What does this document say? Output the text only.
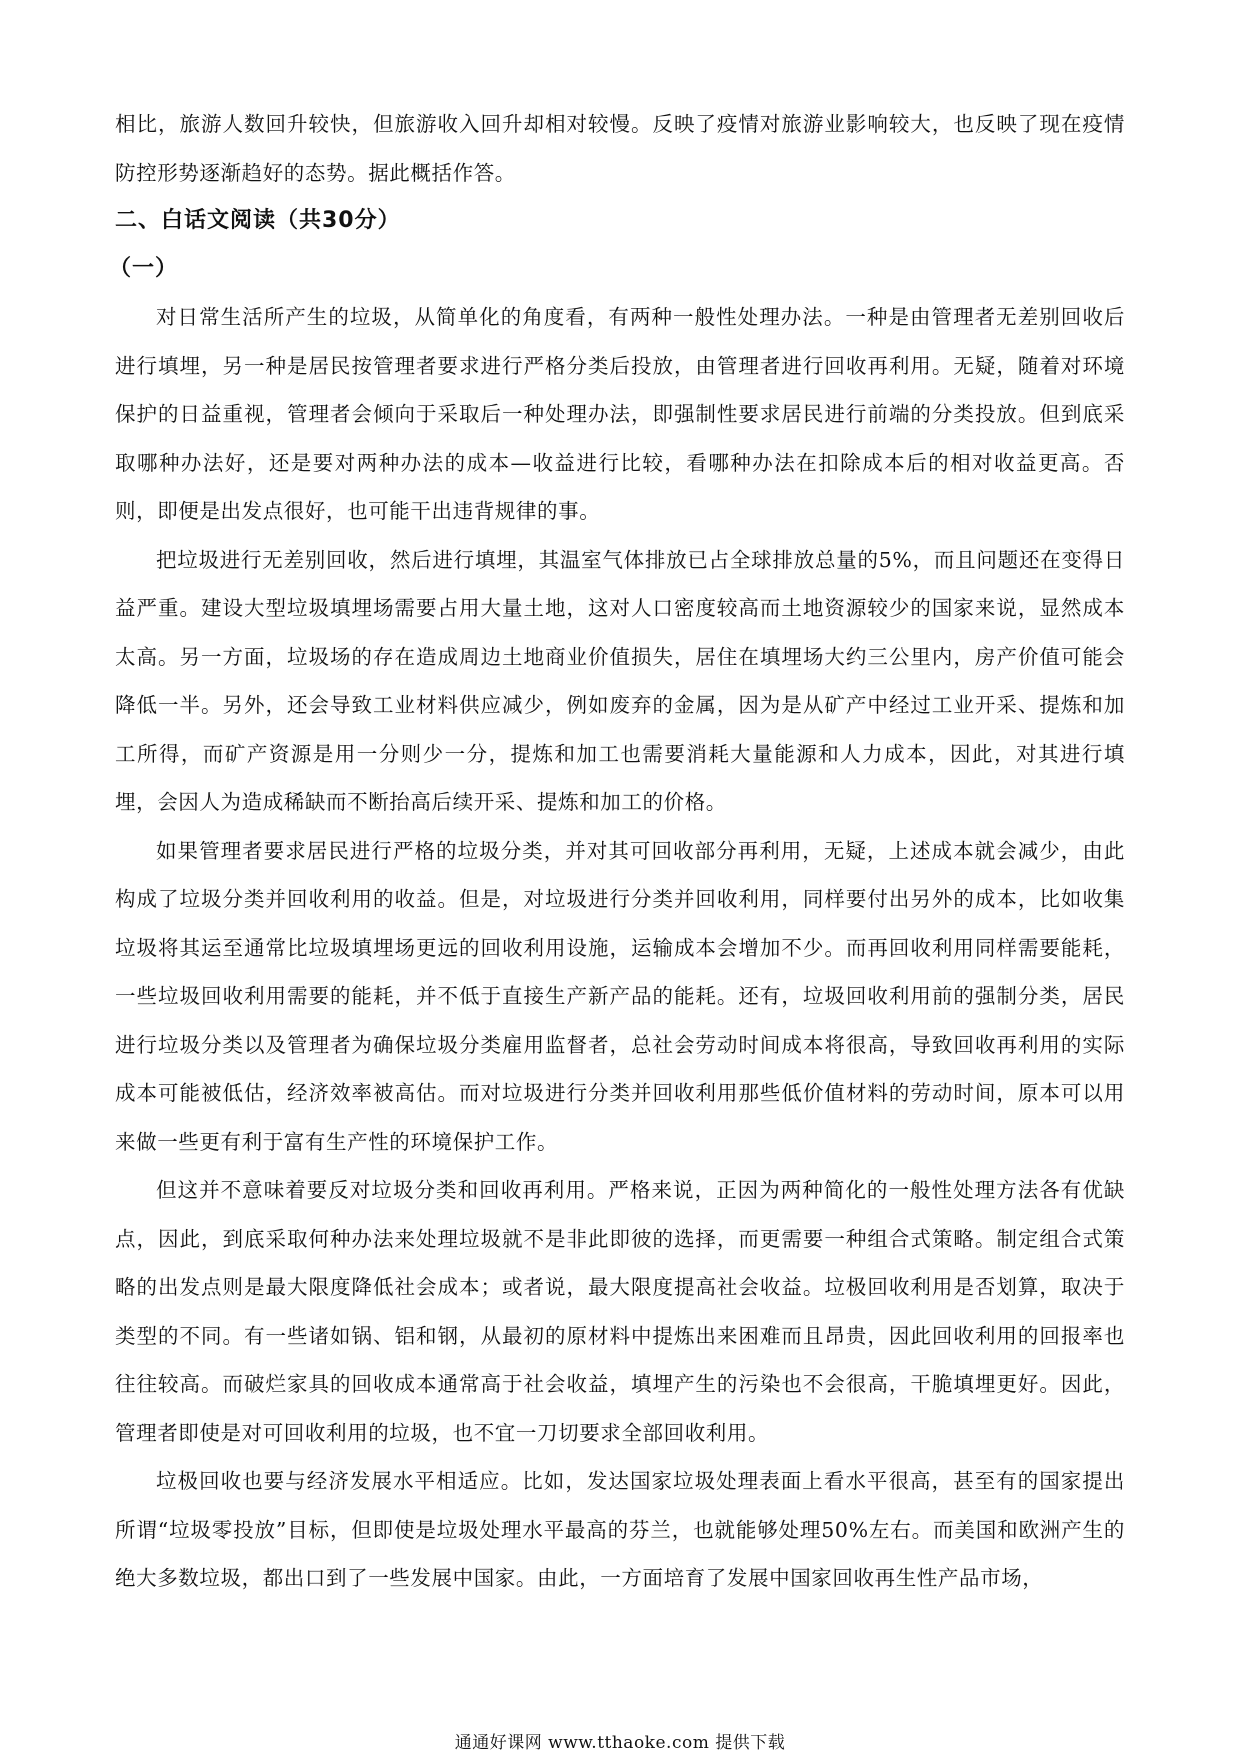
相比，旅游人数回升较快，但旅游收入回升却相对较慢。反映了疫情对旅游业影响较大，也反映了现在疫情防控形势逐渐趋好的态势。据此概括作答。

二、白话文阅读（共30分）
（一）

对日常生活所产生的垃圾，从简单化的角度看，有两种一般性处理办法。一种是由管理者无差别回收后进行填埋，另一种是居民按管理者要求进行严格分类后投放，由管理者进行回收再利用。无疑，随着对环境保护的日益重视，管理者会倾向于采取后一种处理办法，即强制性要求居民进行前端的分类投放。但到底采取哪种办法好，还是要对两种办法的成本—收益进行比较，看哪种办法在扣除成本后的相对收益更高。否则，即便是出发点很好，也可能干出违背规律的事。

把垃圾进行无差别回收，然后进行填埋，其温室气体排放已占全球排放总量的5%，而且问题还在变得日益严重。建设大型垃圾填埋场需要占用大量土地，这对人口密度较高而土地资源较少的国家来说，显然成本太高。另一方面，垃圾场的存在造成周边土地商业价值损失，居住在填埋场大约三公里内，房产价值可能会降低一半。另外，还会导致工业材料供应减少，例如废弃的金属，因为是从矿产中经过工业开采、提炼和加工所得，而矿产资源是用一分则少一分，提炼和加工也需要消耗大量能源和人力成本，因此，对其进行填埋，会因人为造成稀缺而不断抬高后续开采、提炼和加工的价格。

如果管理者要求居民进行严格的垃圾分类，并对其可回收部分再利用，无疑，上述成本就会减少，由此构成了垃圾分类并回收利用的收益。但是，对垃圾进行分类并回收利用，同样要付出另外的成本，比如收集垃圾将其运至通常比垃圾填埋场更远的回收利用设施，运输成本会增加不少。而再回收利用同样需要能耗，一些垃圾回收利用需要的能耗，并不低于直接生产新产品的能耗。还有，垃圾回收利用前的强制分类，居民进行垃圾分类以及管理者为确保垃圾分类雇用监督者，总社会劳动时间成本将很高，导致回收再利用的实际成本可能被低估，经济效率被高估。而对垃圾进行分类并回收利用那些低价值材料的劳动时间，原本可以用来做一些更有利于富有生产性的环境保护工作。

但这并不意味着要反对垃圾分类和回收再利用。严格来说，正因为两种简化的一般性处理方法各有优缺点，因此，到底采取何种办法来处理垃圾就不是非此即彼的选择，而更需要一种组合式策略。制定组合式策略的出发点则是最大限度降低社会成本；或者说，最大限度提高社会收益。垃极回收利用是否划算，取决于类型的不同。有一些诸如锅、铝和钢，从最初的原材料中提炼出来困难而且昂贵，因此回收利用的回报率也往往较高。而破烂家具的回收成本通常高于社会收益，填埋产生的污染也不会很高，干脆填埋更好。因此，管理者即使是对可回收利用的垃圾，也不宜一刀切要求全部回收利用。

垃极回收也要与经济发展水平相适应。比如，发达国家垃圾处理表面上看水平很高，甚至有的国家提出所谓“垃圾零投放”目标，但即使是垃圾处理水平最高的芬兰，也就能够处理50%左右。而美国和欧洲产生的绝大多数垃圾，都出口到了一些发展中国家。由此，一方面培育了发展中国家回收再生性产品市场，

通通好课网 www.tthaoke.com 提供下载
